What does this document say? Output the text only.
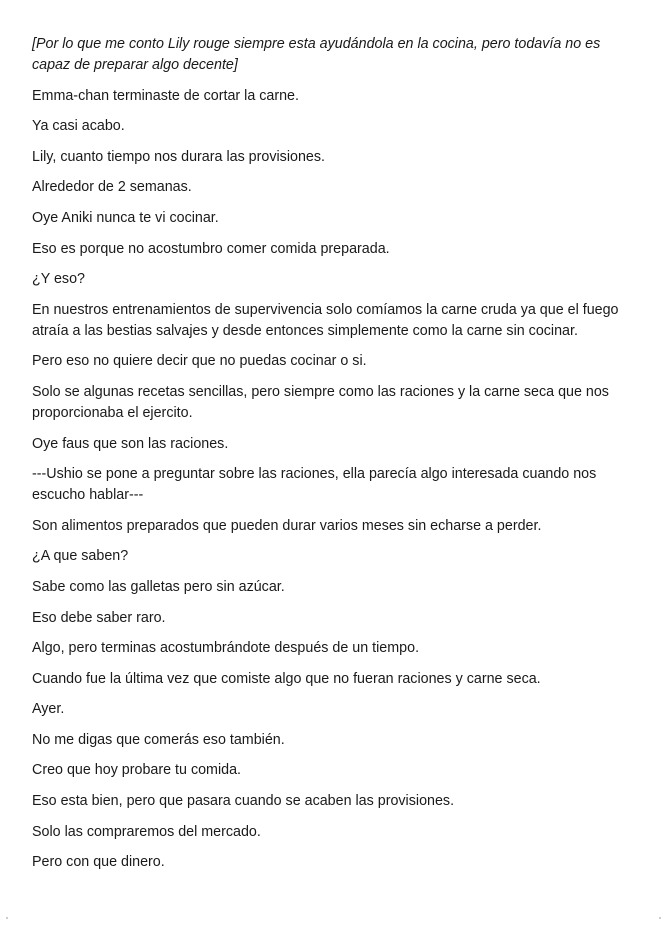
[Por lo que me conto Lily rouge siempre esta ayudándola en la cocina, pero todavía no es capaz de preparar algo decente]

Emma-chan terminaste de cortar la carne.

Ya casi acabo.

Lily, cuanto tiempo nos durara las provisiones.

Alrededor de 2 semanas.

Oye Aniki nunca te vi cocinar.

Eso es porque no acostumbro comer comida preparada.

¿Y eso?

En nuestros entrenamientos de supervivencia solo comíamos la carne cruda ya que el fuego atraía a las bestias salvajes y desde entonces simplemente como la carne sin cocinar.

Pero eso no quiere decir que no puedas cocinar o si.

Solo se algunas recetas sencillas, pero siempre como las raciones y la carne seca que nos proporcionaba el ejercito.

Oye faus que son las raciones.

---Ushio se pone a preguntar sobre las raciones, ella parecía algo interesada cuando nos escucho hablar---

Son alimentos preparados que pueden durar varios meses sin echarse a perder.

¿A que saben?

Sabe como las galletas pero sin azúcar.

Eso debe saber raro.

Algo, pero terminas acostumbrándote después de un tiempo.

Cuando fue la última vez que comiste algo que no fueran raciones y carne seca.

Ayer.

No me digas que comerás eso también.

Creo que hoy probare tu comida.

Eso esta bien, pero que pasara cuando se acaben las provisiones.

Solo las compraremos del mercado.

Pero con que dinero.
